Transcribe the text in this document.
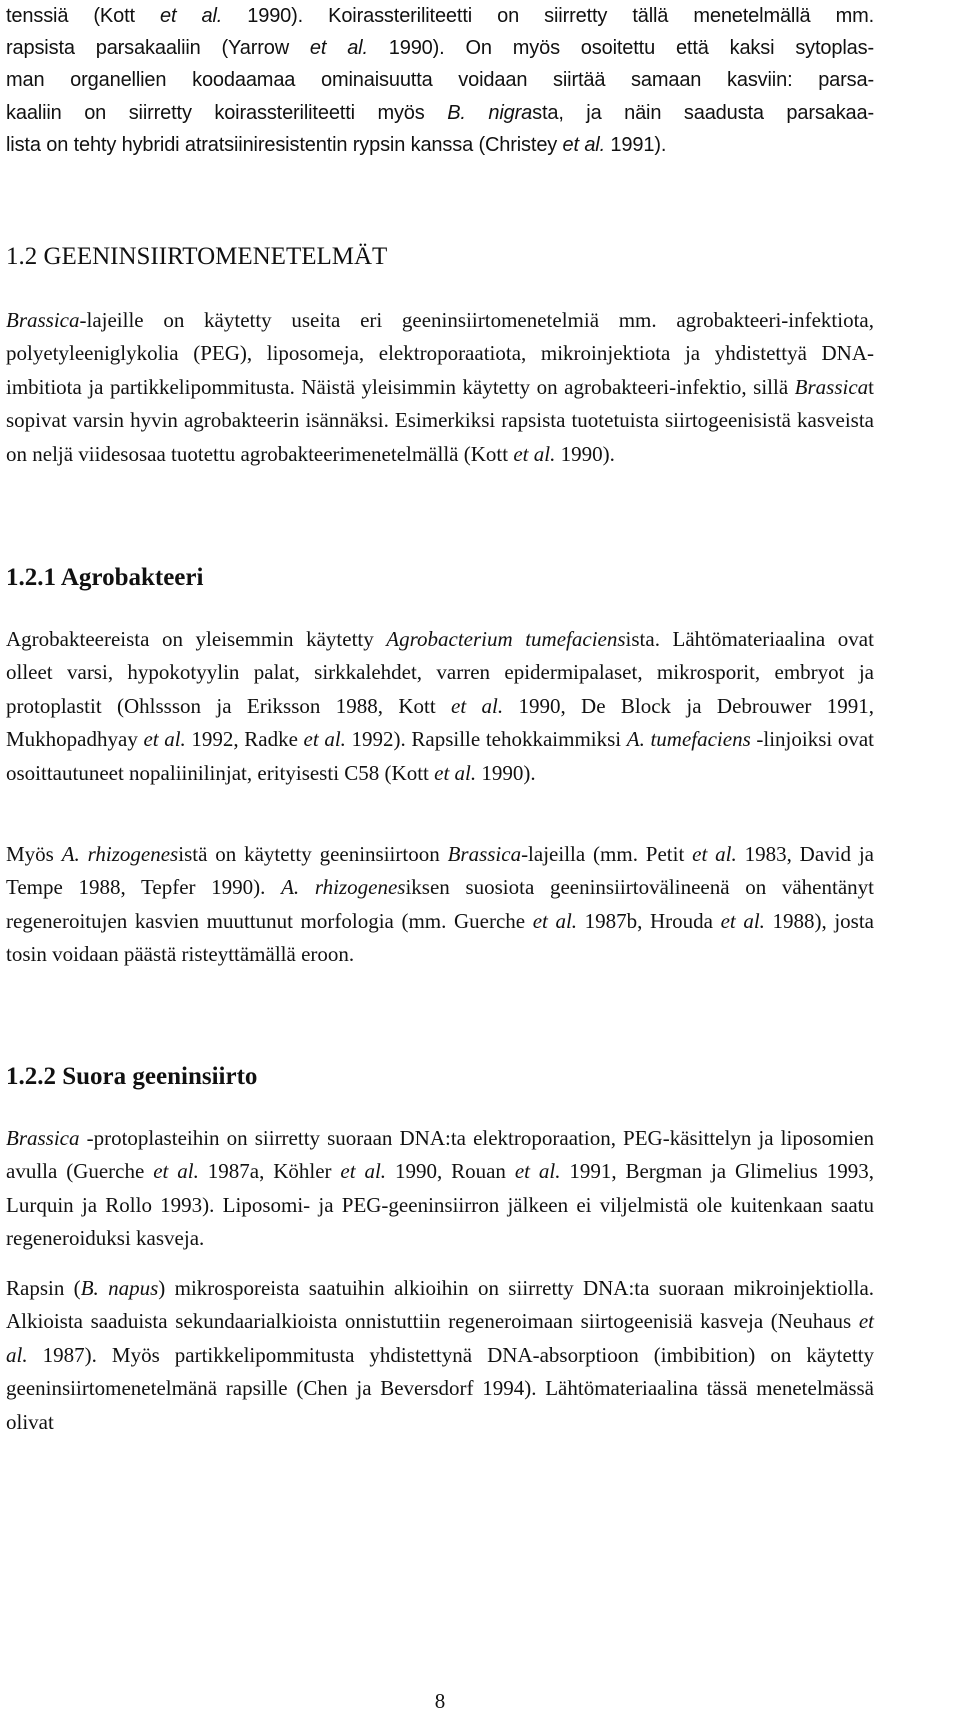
tenssiä (Kott et al. 1990). Koirassteriliteetti on siirretty tällä menetelmällä mm.
rapsista parsakaaliin (Yarrow et al. 1990). On myös osoitettu että kaksi sytoplas-
man organellien koodaamaa ominaisuutta voidaan siirtää samaan kasviin: parsa-
kaaliin on siirretty koirassteriliteetti myös B. nigrasta, ja näin saadusta parsakaa-
lista on tehty hybridi atratsiiniresistentin rypsin kanssa (Christey et al. 1991).

1.2 GEENINSIIRTOMENETELMÄT

Brassica-lajeille on käytetty useita eri geeninsiirtomenetelmiä mm. agrobakteeri-infektiota, polyetyleeniglykolia (PEG), liposomeja, elektroporaatiota, mikroinjektiota ja yhdistettyä DNA-imbitiota ja partikkelipommitusta. Näistä yleisimmin käytetty on agrobakteeri-infektio, sillä Brassicat sopivat varsin hyvin agrobakteerin isännäksi. Esimerkiksi rapsista tuotetuista siirtogeenisistä kasveista on neljä viidesosaa tuotettu agrobakteerimenetelmällä (Kott et al. 1990).

1.2.1 Agrobakteeri

Agrobakteereista on yleisemmin käytetty Agrobacterium tumefaciensista. Lähtömateriaalina ovat olleet varsi, hypokotyylin palat, sirkkalehdet, varren epidermipalaset, mikrosporit, embryot ja protoplastit (Ohlssson ja Eriksson 1988, Kott et al. 1990, De Block ja Debrouwer 1991, Mukhopadhyay et al. 1992, Radke et al. 1992). Rapsille tehokkaimmiksi A. tumefaciens -linjoiksi ovat osoittautuneet nopaliinilinjat, erityisesti C58 (Kott et al. 1990).

Myös A. rhizogenesistä on käytetty geeninsiirtoon Brassica-lajeilla (mm. Petit et al. 1983, David ja Tempe 1988, Tepfer 1990). A. rhizogenesiksen suosiota geeninsiirtovälineenä on vähentänyt regeneroitujen kasvien muuttunut morfologia (mm. Guerche et al. 1987b, Hrouda et al. 1988), josta tosin voidaan päästä risteyttämällä eroon.

1.2.2 Suora geeninsiirto

Brassica -protoplasteihin on siirretty suoraan DNA:ta elektroporaation, PEG-käsittelyn ja liposomien avulla (Guerche et al. 1987a, Köhler et al. 1990, Rouan et al. 1991, Bergman ja Glimelius 1993, Lurquin ja Rollo 1993). Liposomi- ja PEG-geeninsiirron jälkeen ei viljelmistä ole kuitenkaan saatu regeneroiduksi kasveja.

Rapsin (B. napus) mikrosporeista saatuihin alkioihin on siirretty DNA:ta suoraan mikroinjektiolla. Alkioista saaduista sekundaarialkioista onnistuttiin regeneroimaan siirtogeenisiä kasveja (Neuhaus et al. 1987). Myös partikkelipommitusta yhdistettynä DNA-absorptioon (imbibition) on käytetty geeninsiirtomenetelmänä rapsille (Chen ja Beversdorf 1994). Lähtömateriaalina tässä menetelmässä olivat

8
